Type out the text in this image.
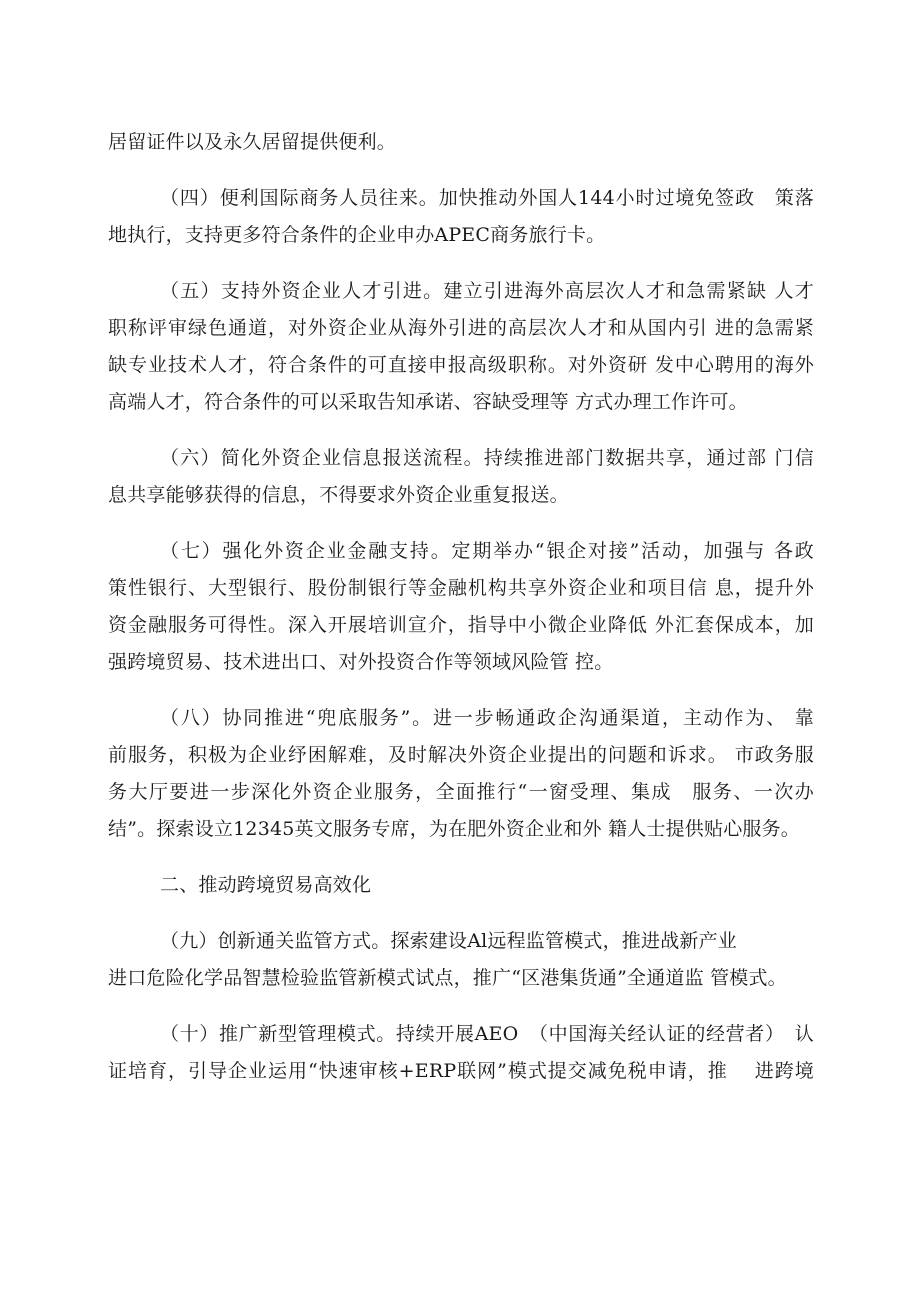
居留证件以及永久居留提供便利。

（四）便利国际商务人员往来。加快推动外国人144小时过境免签政　策落
地执行，支持更多符合条件的企业申办APEC商务旅行卡。

（五）支持外资企业人才引进。建立引进海外高层次人才和急需紧缺 人才
职称评审绿色通道，对外资企业从海外引进的高层次人才和从国内引 进的急需紧
缺专业技术人才，符合条件的可直接申报高级职称。对外资研 发中心聘用的海外
高端人才，符合条件的可以采取告知承诺、容缺受理等 方式办理工作许可。

（六）简化外资企业信息报送流程。持续推进部门数据共享，通过部 门信
息共享能够获得的信息，不得要求外资企业重复报送。

（七）强化外资企业金融支持。定期举办“银企对接”活动，加强与 各政
策性银行、大型银行、股份制银行等金融机构共享外资企业和项目信 息，提升外
资金融服务可得性。深入开展培训宣介，指导中小微企业降低 外汇套保成本，加
强跨境贸易、技术进出口、对外投资合作等领域风险管 控。

（八）协同推进“兜底服务”。进一步畅通政企沟通渠道，主动作为、 靠
前服务，积极为企业纾困解难，及时解决外资企业提出的问题和诉求。 市政务服
务大厅要进一步深化外资企业服务，全面推行“一窗受理、集成　服务、一次办
结”。探索设立12345英文服务专席，为在肥外资企业和外 籍人士提供贴心服务。

二、推动跨境贸易高效化

（九）创新通关监管方式。探索建设Al远程监管模式，推进战新产业
进口危险化学品智慧检验监管新模式试点，推广“区港集货通”全通道监 管模式。

（十）推广新型管理模式。持续开展AEO　（中国海关经认证的经营者）　认
证培育，引导企业运用“快速审核+ERP联网”模式提交减免税申请，推　 进跨境
